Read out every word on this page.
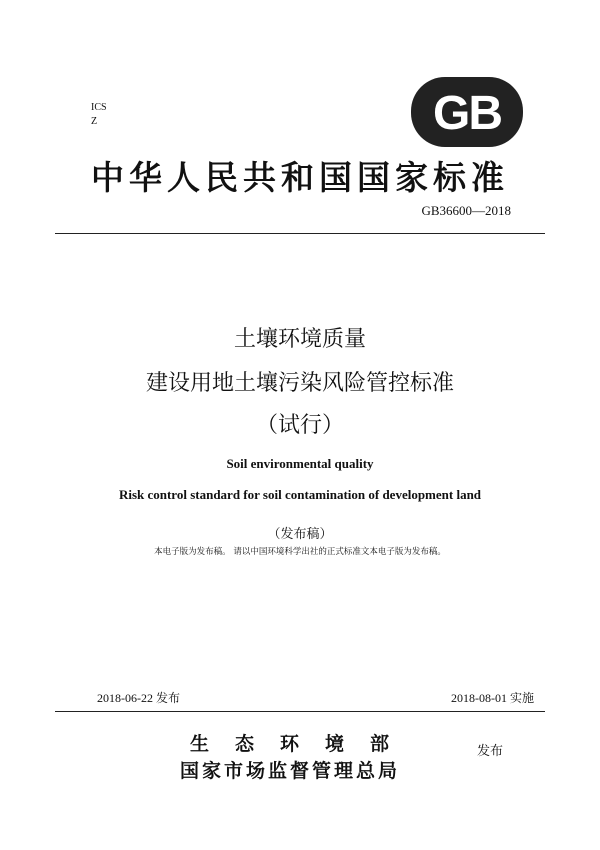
ICS
Z	GB
中华人民共和国国家标准
GB36600—2018
土壤环境质量
建设用地土壤污染风险管控标准
（试行）
Soil environmental quality
Risk control standard for soil contamination of development land
（发布稿）
本电子版为发布稿。 请以中国环境科学出社的正式标准文本电子版为发布稿。
2018-06-22 发布	2018-08-01 实施
生态环境部
国家市场监督管理总局
发布
